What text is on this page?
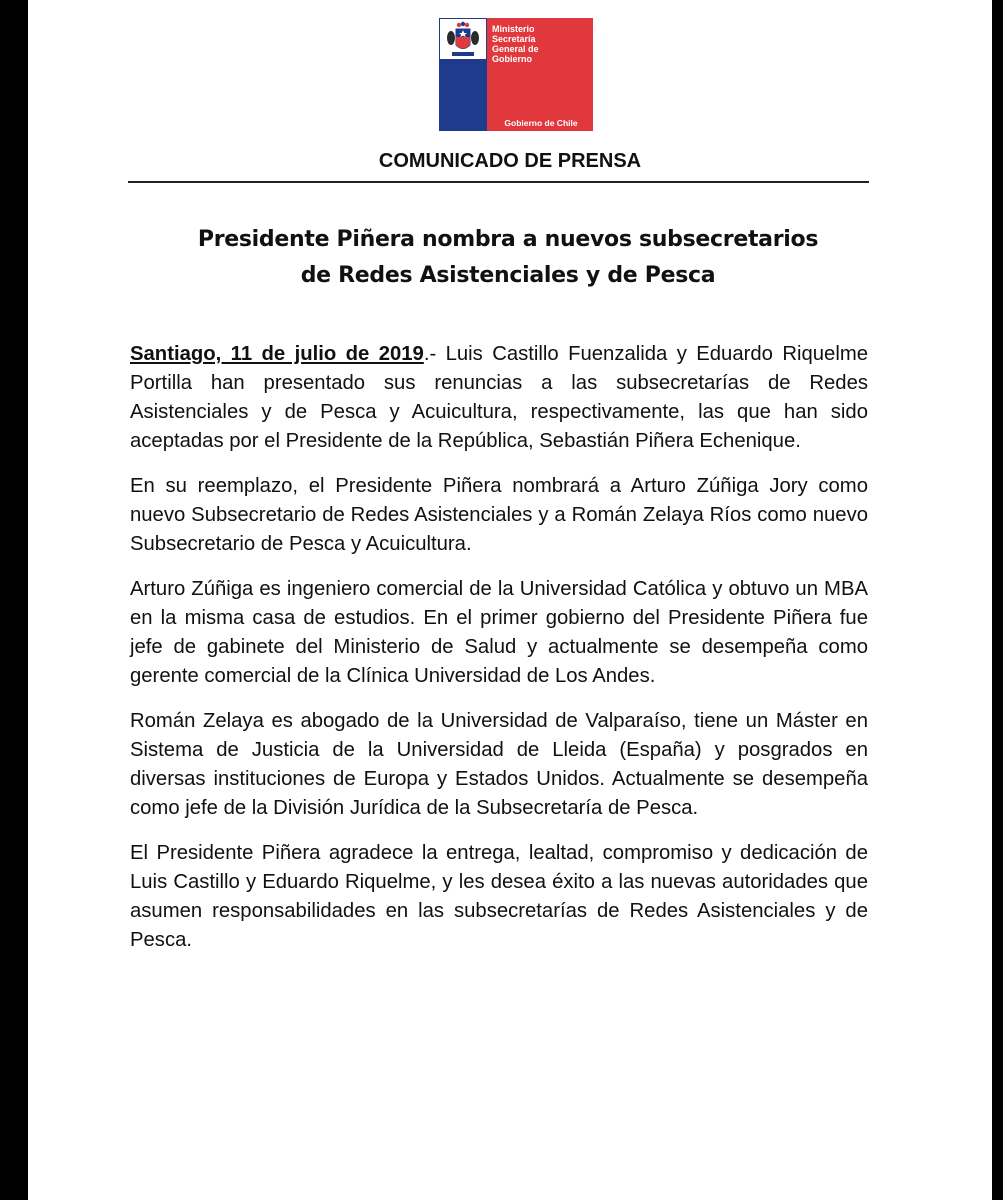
Ministerio
Secretaría
General de
Gobierno
Gobierno de Chile
COMUNICADO DE PRENSA
Presidente Piñera nombra a nuevos subsecretarios
de Redes Asistenciales y de Pesca

Santiago, 11 de julio de 2019.- Luis Castillo Fuenzalida y Eduardo Riquelme Portilla han presentado sus renuncias a las subsecretarías de Redes Asistenciales y de Pesca y Acuicultura, respectivamente, las que han sido aceptadas por el Presidente de la República, Sebastián Piñera Echenique.

En su reemplazo, el Presidente Piñera nombrará a Arturo Zúñiga Jory como nuevo Subsecretario de Redes Asistenciales y a Román Zelaya Ríos como nuevo Subsecretario de Pesca y Acuicultura.

Arturo Zúñiga es ingeniero comercial de la Universidad Católica y obtuvo un MBA en la misma casa de estudios. En el primer gobierno del Presidente Piñera fue jefe de gabinete del Ministerio de Salud y actualmente se desempeña como gerente comercial de la Clínica Universidad de Los Andes.

Román Zelaya es abogado de la Universidad de Valparaíso, tiene un Máster en Sistema de Justicia de la Universidad de Lleida (España) y posgrados en diversas instituciones de Europa y Estados Unidos. Actualmente se desempeña como jefe de la División Jurídica de la Subsecretaría de Pesca.

El Presidente Piñera agradece la entrega, lealtad, compromiso y dedicación de Luis Castillo y Eduardo Riquelme, y les desea éxito a las nuevas autoridades que asumen responsabilidades en las subsecretarías de Redes Asistenciales y de Pesca.
